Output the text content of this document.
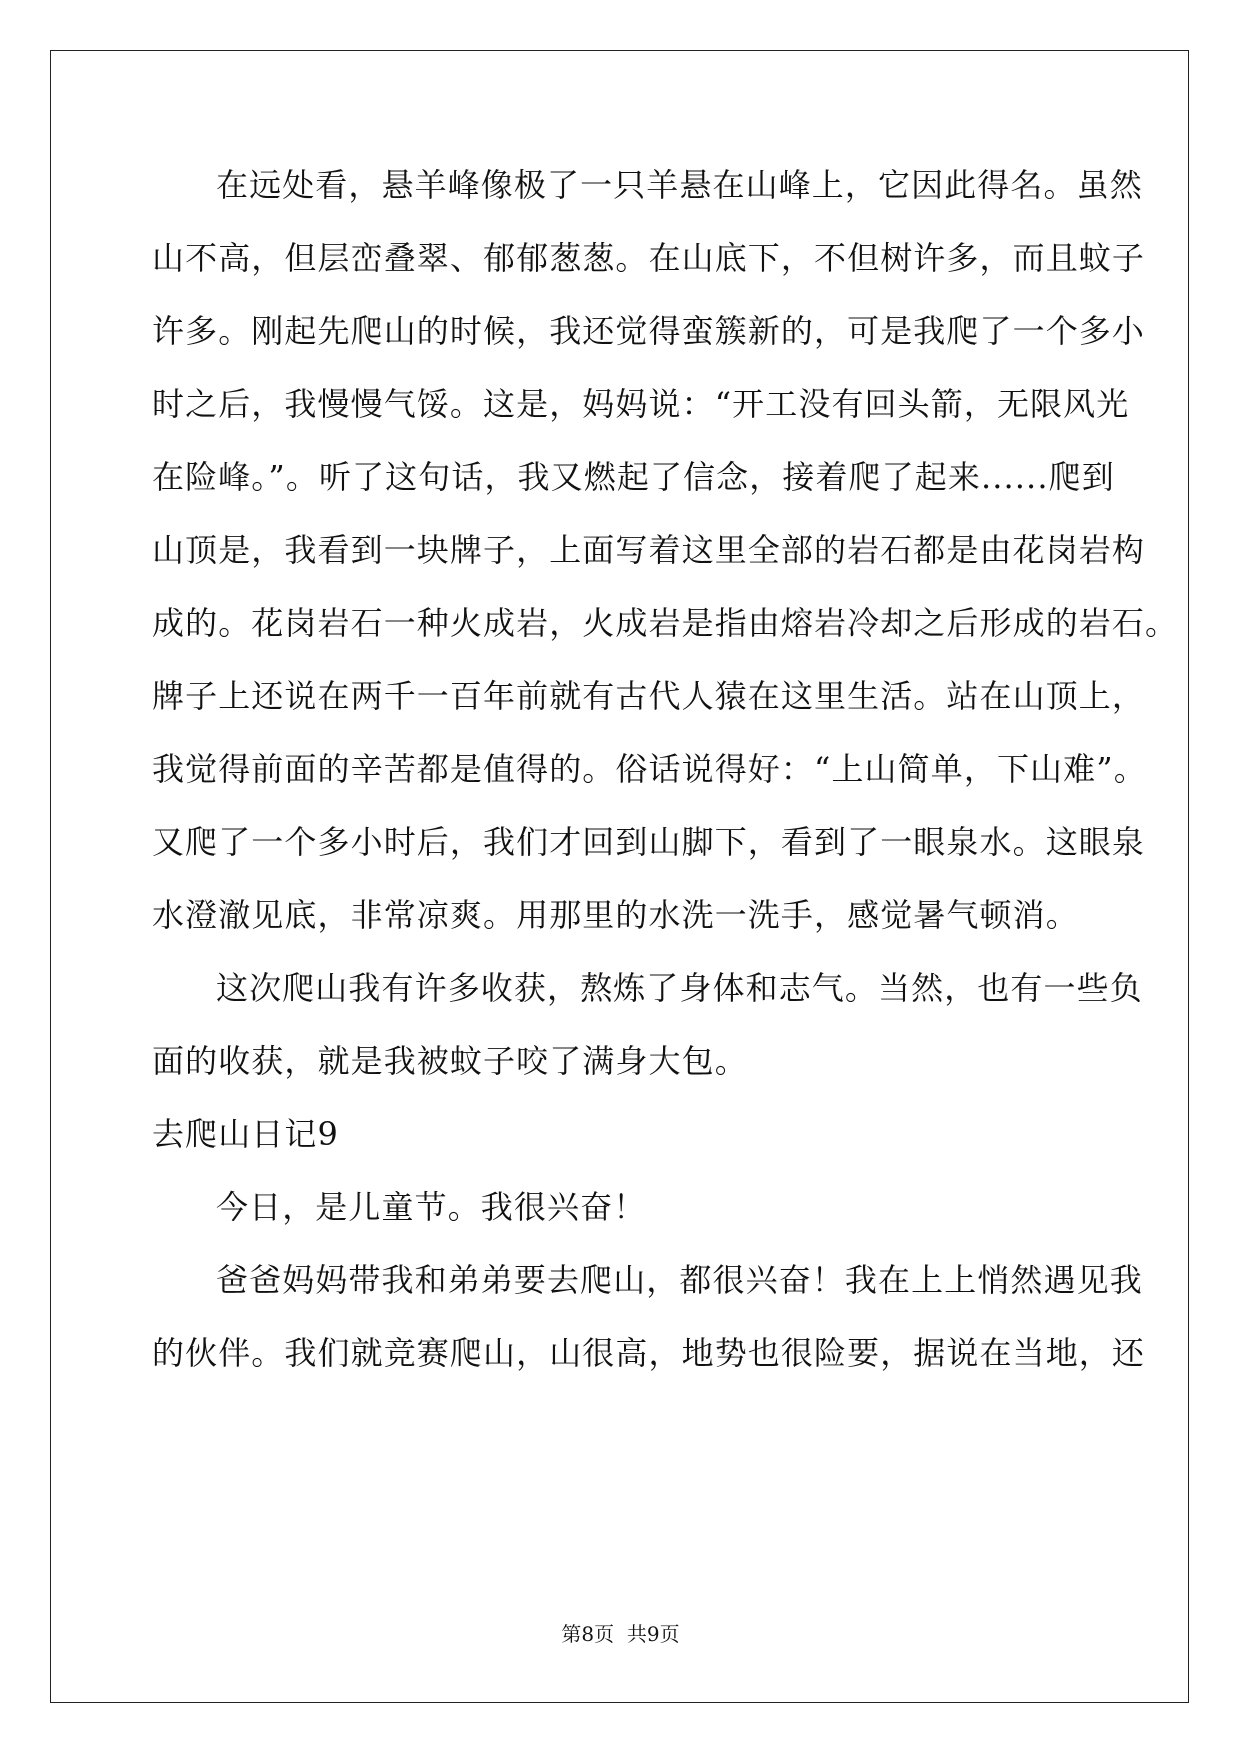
在远处看，悬羊峰像极了一只羊悬在山峰上，它因此得名。虽然
山不高，但层峦叠翠、郁郁葱葱。在山底下，不但树许多，而且蚊子
许多。刚起先爬山的时候，我还觉得蛮簇新的，可是我爬了一个多小
时之后，我慢慢气馁。这是，妈妈说：“开工没有回头箭，无限风光
在险峰。”。听了这句话，我又燃起了信念，接着爬了起来......爬到
山顶是，我看到一块牌子，上面写着这里全部的岩石都是由花岗岩构
成的。花岗岩石一种火成岩，火成岩是指由熔岩冷却之后形成的岩石。
牌子上还说在两千一百年前就有古代人猿在这里生活。站在山顶上，
我觉得前面的辛苦都是值得的。俗话说得好：“上山简单，下山难”。
又爬了一个多小时后，我们才回到山脚下，看到了一眼泉水。这眼泉
水澄澈见底，非常凉爽。用那里的水洗一洗手，感觉暑气顿消。
这次爬山我有许多收获，熬炼了身体和志气。当然，也有一些负
面的收获，就是我被蚊子咬了满身大包。
去爬山日记9
今日，是儿童节。我很兴奋！
爸爸妈妈带我和弟弟要去爬山，都很兴奋！我在上上悄然遇见我
的伙伴。我们就竞赛爬山，山很高，地势也很险要，据说在当地，还
第8页  共9页
